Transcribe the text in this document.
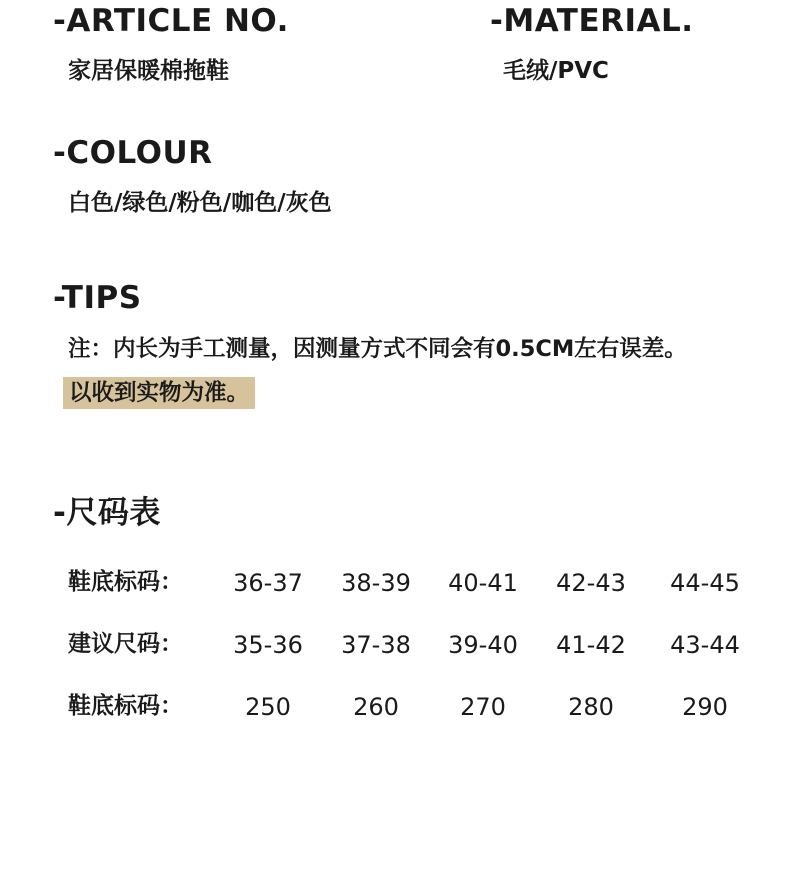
-ARTICLE NO.
家居保暖棉拖鞋
-MATERIAL.
毛绒/PVC
-COLOUR
白色/绿色/粉色/咖色/灰色
-TIPS
注：内长为手工测量，因测量方式不同会有0.5CM左右误差。
以收到实物为准。
-尺码表
鞋底标码：	36-37	38-39	40-41	42-43	44-45
建议尺码：	35-36	37-38	39-40	41-42	43-44
鞋底标码：	250	260	270	280	290
